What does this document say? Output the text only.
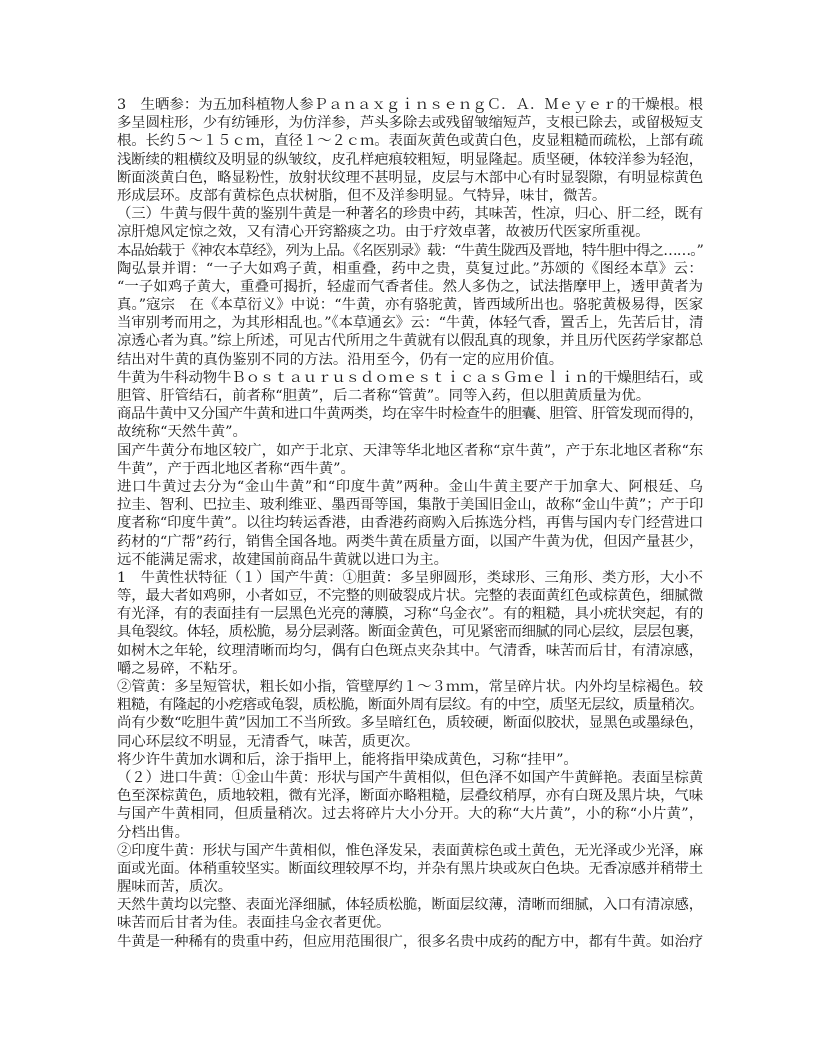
3　生晒参：为五加科植物人参ＰａｎａｘｇｉｎｓｅｎｇＣ．Ａ．Ｍｅｙｅｒ的干燥根。根
多呈圆柱形，少有纺锤形，为仿洋参，芦头多除去或残留皱缩短芦，支根已除去，或留极短支
根。长约５～１５ｃｍ，直径１～２ｃｍ。表面灰黄色或黄白色，皮显粗糙而疏松，上部有疏
浅断续的粗横纹及明显的纵皱纹，皮孔样疤痕较粗短，明显隆起。质坚硬，体较洋参为轻泡，
断面淡黄白色，略显粉性，放射状纹理不甚明显，皮层与木部中心有时显裂隙，有明显棕黄色
形成层环。皮部有黄棕色点状树脂，但不及洋参明显。气特异，味甘，微苦。
（三）牛黄与假牛黄的鉴别牛黄是一种著名的珍贵中药，其味苦，性凉，归心、肝二经，既有
凉肝熄风定惊之效，又有清心开窍豁痰之功。由于疗效卓著，故被历代医家所重视。
本品始载于《神农本草经》，列为上品。《名医别录》载：“牛黄生陇西及晋地，特牛胆中得之……。”
陶弘景并谓：“一子大如鸡子黄，相重叠，药中之贵，莫复过此。”苏颂的《图经本草》云：
“一子如鸡子黄大，重叠可揭折，轻虚而气香者佳。然人多伪之，试法揩摩甲上，透甲黄者为
真。”寇宗　在《本草衍义》中说：“牛黄，亦有骆驼黄，皆西域所出也。骆驼黄极易得，医家
当审别考而用之，为其形相乱也。”《本草通玄》云：“牛黄，体轻气香，置舌上，先苦后甘，清
凉透心者为真。”综上所述，可见古代所用之牛黄就有以假乱真的现象，并且历代医药学家都总
结出对牛黄的真伪鉴别不同的方法。沿用至今，仍有一定的应用价值。
牛黄为牛科动物牛ＢｏｓｔａｕｒｕｓｄｏｍｅｓｔｉｃａｓＧｍｅｌｉｎ的干燥胆结石，或
胆管、肝管结石，前者称“胆黄”，后二者称“管黄”。同等入药，但以胆黄质量为优。
商品牛黄中又分国产牛黄和进口牛黄两类，均在宰牛时检查牛的胆囊、胆管、肝管发现而得的，
故统称“天然牛黄”。
国产牛黄分布地区较广，如产于北京、天津等华北地区者称“京牛黄”，产于东北地区者称“东
牛黄”，产于西北地区者称“西牛黄”。
进口牛黄过去分为“金山牛黄”和“印度牛黄”两种。金山牛黄主要产于加拿大、阿根廷、乌
拉圭、智利、巴拉圭、玻利维亚、墨西哥等国，集散于美国旧金山，故称“金山牛黄”；产于印
度者称“印度牛黄”。以往均转运香港，由香港药商购入后拣选分档，再售与国内专门经营进口
药材的“广帮”药行，销售全国各地。两类牛黄在质量方面，以国产牛黄为优，但因产量甚少，
远不能满足需求，故建国前商品牛黄就以进口为主。
1　牛黄性状特征（１）国产牛黄：①胆黄：多呈卵圆形，类球形、三角形、类方形，大小不
等，最大者如鸡卵，小者如豆，不完整的则破裂成片状。完整的表面黄红色或棕黄色，细腻微
有光泽，有的表面挂有一层黑色光亮的薄膜，习称“乌金衣”。有的粗糙，具小疣状突起，有的
具龟裂纹。体轻，质松脆，易分层剥落。断面金黄色，可见紧密而细腻的同心层纹，层层包裹，
如树木之年轮，纹理清晰而均匀，偶有白色斑点夹杂其中。气清香，味苦而后甘，有清凉感，
嚼之易碎，不粘牙。
②管黄：多呈短管状，粗长如小指，管壁厚约１～３ｍｍ，常呈碎片状。内外均呈棕褐色。较
粗糙，有隆起的小疙瘩或龟裂，质松脆，断面外周有层纹。有的中空，质坚无层纹，质量稍次。
尚有少数“吃胆牛黄”因加工不当所致。多呈暗红色，质较硬，断面似胶状，显黑色或墨绿色，
同心环层纹不明显，无清香气，味苦，质更次。
将少许牛黄加水调和后，涂于指甲上，能将指甲染成黄色，习称“挂甲”。
（２）进口牛黄：①金山牛黄：形状与国产牛黄相似，但色泽不如国产牛黄鲜艳。表面呈棕黄
色至深棕黄色，质地较粗，微有光泽，断面亦略粗糙，层叠纹稍厚，亦有白斑及黑片块，气味
与国产牛黄相同，但质量稍次。过去将碎片大小分开。大的称“大片黄”，小的称“小片黄”，
分档出售。
②印度牛黄：形状与国产牛黄相似，惟色泽发呆，表面黄棕色或土黄色，无光泽或少光泽，麻
面或光面。体稍重较坚实。断面纹理较厚不均，并杂有黑片块或灰白色块。无香凉感并稍带土
腥味而苦，质次。
天然牛黄均以完整、表面光泽细腻，体轻质松脆，断面层纹薄，清晰而细腻，入口有清凉感，
味苦而后甘者为佳。表面挂乌金衣者更优。
牛黄是一种稀有的贵重中药，但应用范围很广，很多名贵中成药的配方中，都有牛黄。如治疗
